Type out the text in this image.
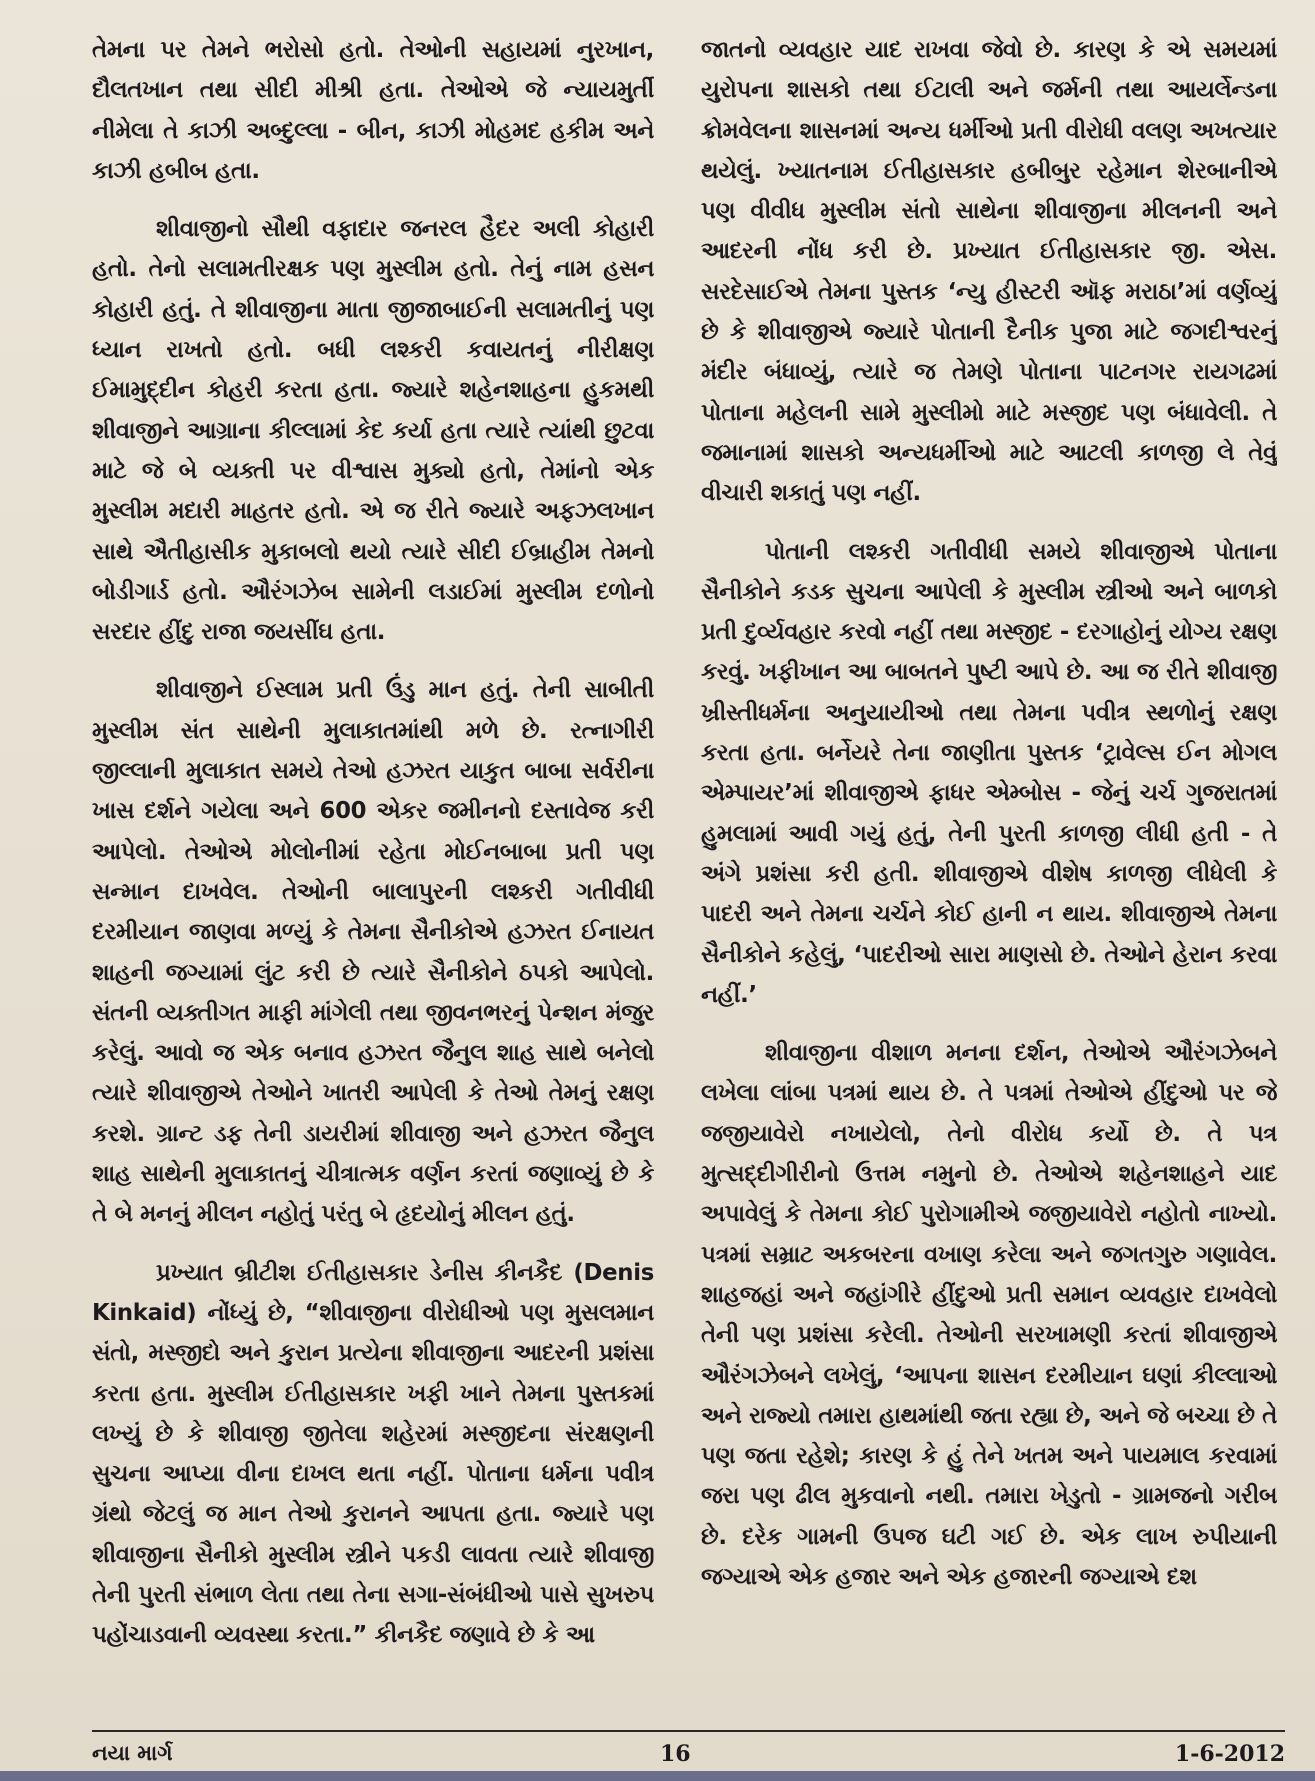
તેમના પર તેમને ભરોસો હતો. તેઓની સહાયમાં નુરખાન, દૌલતખાન તથા સીદી મીશ્રી હતા. તેઓએ જે ન્યાયમુર્તી નીમેલા તે કાઝી અબ્દુલ્લા - બીન, કાઝી મોહમદ હકીમ અને કાઝી હબીબ હતા.

શીવાજીનો સૌથી વફાદાર જનરલ હૈદર અલી કોહારી હતો. તેનો સલામતીરક્ષક પણ મુસ્લીમ હતો. તેનું નામ હસન કોહારી હતું. તે શીવાજીના માતા જીજાબાઈની સલામતીનું પણ ધ્યાન રાખતો હતો. બધી લશ્કરી કવાયતનું નીરીક્ષણ ઈમામુદ્દીન કોહરી કરતા હતા. જ્યારે શહેનશાહના હુકમથી શીવાજીને આગ્રાના કીલ્લામાં કેદ કર્યા હતા ત્યારે ત્યાંથી છુટવા માટે જે બે વ્યક્તી પર વીશ્વાસ મુક્યો હતો, તેમાંનો એક મુસ્લીમ મદારી માહતર હતો. એ જ રીતે જ્યારે અફઝલખાન સાથે ઐતીહાસીક મુકાબલો થયો ત્યારે સીદી ઈબ્રાહીમ તેમનો બોડીગાર્ડ હતો. ઔરંગઝેબ સામેની લડાઈમાં મુસ્લીમ દળોનો સરદાર હીંદુ રાજા જયસીંઘ હતા.

શીવાજીને ઈસ્લામ પ્રતી ઉંડુ માન હતું. તેની સાબીતી મુસ્લીમ સંત સાથેની મુલાકાતમાંથી મળે છે. રત્નાગીરી જીલ્લાની મુલાકાત સમયે તેઓ હઝરત યાકુત બાબા સર્વરીના ખાસ દર્શને ગયેલા અને 600 એકર જમીનનો દસ્તાવેજ કરી આપેલો. તેઓએ મોલોનીમાં રહેતા મોઈનબાબા પ્રતી પણ સન્માન દાખવેલ. તેઓની બાલાપુરની લશ્કરી ગતીવીધી દરમીયાન જાણવા મળ્યું કે તેમના સૈનીકોએ હઝરત ઈનાયત શાહની જગ્યામાં લુંટ કરી છે ત્યારે સૈનીકોને ઠપકો આપેલો. સંતની વ્યક્તીગત માફી માંગેલી તથા જીવનભરનું પેન્શન મંજુર કરેલું. આવો જ એક બનાવ હઝરત જૈનુલ શાહ સાથે બનેલો ત્યારે શીવાજીએ તેઓને ખાતરી આપેલી કે તેઓ તેમનું રક્ષણ કરશે. ગ્રાન્ટ ડફ તેની ડાયરીમાં શીવાજી અને હઝરત જૈનુલ શાહ સાથેની મુલાકાતનું ચીત્રાત્મક વર્ણન કરતાં જણાવ્યું છે કે તે બે મનનું મીલન નહોતું પરંતુ બે હૃદયોનું મીલન હતું.

પ્રખ્યાત બ્રીટીશ ઈતીહાસકાર ડેનીસ કીનકૈદ (Denis Kinkaid) નોંધ્યું છે, “શીવાજીના વીરોધીઓ પણ મુસલમાન સંતો, મસ્જીદો અને કુરાન પ્રત્યેના શીવાજીના આદરની પ્રશંસા કરતા હતા. મુસ્લીમ ઈતીહાસકાર ખફી ખાને તેમના પુસ્તકમાં લખ્યું છે કે શીવાજી જીતેલા શહેરમાં મસ્જીદના સંરક્ષણની સુચના આપ્યા વીના દાખલ થતા નહીં. પોતાના ધર્મના પવીત્ર ગ્રંથો જેટલું જ માન તેઓ કુરાનને આપતા હતા. જ્યારે પણ શીવાજીના સૈનીકો મુસ્લીમ સ્ત્રીને પકડી લાવતા ત્યારે શીવાજી તેની પુરતી સંભાળ લેતા તથા તેના સગા-સંબંધીઓ પાસે સુખરુપ પહોંચાડવાની વ્યવસ્થા કરતા.” કીનકૈદ જણાવે છે કે આ

જાતનો વ્યવહાર યાદ રાખવા જેવો છે. કારણ કે એ સમયમાં યુરોપના શાસકો તથા ઈટાલી અને જર્મની તથા આયર્લેન્ડના ક્રોમવેલના શાસનમાં અન્ય ધર્મીઓ પ્રતી વીરોધી વલણ અખત્યાર થયેલું. ખ્યાતનામ ઈતીહાસકાર હબીબુર રહેમાન શેરબાનીએ પણ વીવીધ મુસ્લીમ સંતો સાથેના શીવાજીના મીલનની અને આદરની નોંધ કરી છે. પ્રખ્યાત ઈતીહાસકાર જી. એસ. સરદેસાઈએ તેમના પુસ્તક ‘ન્યુ હીસ્ટરી ઑફ મરાઠા’માં વર્ણવ્યું છે કે શીવાજીએ જ્યારે પોતાની દૈનીક પુજા માટે જગદીશ્વરનું મંદીર બંધાવ્યું, ત્યારે જ તેમણે પોતાના પાટનગર રાયગઢમાં પોતાના મહેલની સામે મુસ્લીમો માટે મસ્જીદ પણ બંધાવેલી. તે જમાનામાં શાસકો અન્યધર્મીઓ માટે આટલી કાળજી લે તેવું વીચારી શકાતું પણ નહીં.

પોતાની લશ્કરી ગતીવીધી સમયે શીવાજીએ પોતાના સૈનીકોને કડક સુચના આપેલી કે મુસ્લીમ સ્ત્રીઓ અને બાળકો પ્રતી દુર્વ્યવહાર કરવો નહીં તથા મસ્જીદ - દરગાહોનું યોગ્ય રક્ષણ કરવું. ખફીખાન આ બાબતને પુષ્ટી આપે છે. આ જ રીતે શીવાજી ખ્રીસ્તીધર્મના અનુયાયીઓ તથા તેમના પવીત્ર સ્થળોનું રક્ષણ કરતા હતા. બર્નેયરે તેના જાણીતા પુસ્તક ‘ટ્રાવેલ્સ ઈન મોગલ એમ્પાયર’માં શીવાજીએ ફાધર એમ્બોસ - જેનું ચર્ચ ગુજરાતમાં હુમલામાં આવી ગયું હતું, તેની પુરતી કાળજી લીધી હતી - તે અંગે પ્રશંસા કરી હતી. શીવાજીએ વીશેષ કાળજી લીધેલી કે પાદરી અને તેમના ચર્ચને કોઈ હાની ન થાય. શીવાજીએ તેમના સૈનીકોને કહેલું, ‘પાદરીઓ સારા માણસો છે. તેઓને હેરાન કરવા નહીં.’

શીવાજીના વીશાળ મનના દર્શન, તેઓએ ઔરંગઝેબને લખેલા લાંબા પત્રમાં થાય છે. તે પત્રમાં તેઓએ હીંદુઓ પર જે જજીયાવેરો નખાયેલો, તેનો વીરોધ કર્યો છે. તે પત્ર મુત્સદ્દીગીરીનો ઉત્તમ નમુનો છે. તેઓએ શહેનશાહને યાદ અપાવેલું કે તેમના કોઈ પુરોગામીએ જજીયાવેરો નહોતો નાખ્યો. પત્રમાં સમ્રાટ અકબરના વખાણ કરેલા અને જગતગુરુ ગણાવેલ. શાહજહાં અને જહાંગીરે હીંદુઓ પ્રતી સમાન વ્યવહાર દાખવેલો તેની પણ પ્રશંસા કરેલી. તેઓની સરખામણી કરતાં શીવાજીએ ઔરંગઝેબને લખેલું, ‘આપના શાસન દરમીયાન ઘણાં કીલ્લાઓ અને રાજ્યો તમારા હાથમાંથી જતા રહ્યા છે, અને જે બચ્ચા છે તે પણ જતા રહેશે; કારણ કે હું તેને ખતમ અને પાયમાલ કરવામાં જરા પણ ઢીલ મુકવાનો નથી. તમારા ખેડુતો - ગ્રામજનો ગરીબ છે. દરેક ગામની ઉપજ ઘટી ગઈ છે. એક લાખ રુપીયાની જગ્યાએ એક હજાર અને એક હજારની જગ્યાએ દશ

નયા માર્ગ	16	1-6-2012
